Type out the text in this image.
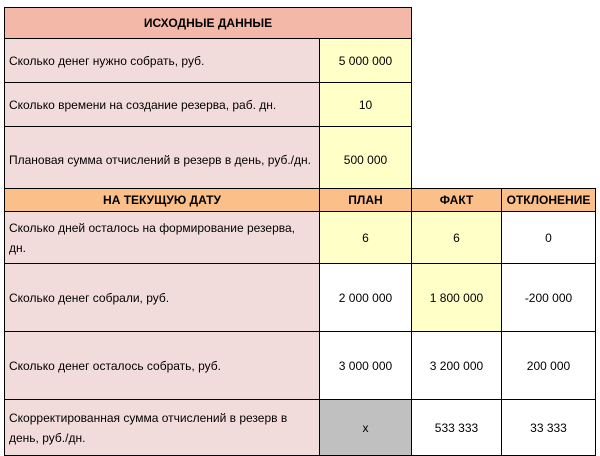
ИСХОДНЫЕ ДАННЫЕ	
Сколько денег нужно собрать, руб.	5 000 000
Сколько времени на создание резерва, раб. дн.	10
Плановая сумма отчислений в резерв в день, руб./дн.	500 000
НА ТЕКУЩУЮ ДАТУ	ПЛАН	ФАКТ	ОТКЛОНЕНИЕ
Сколько дней осталось на формирование резерва, дн.	6	6	0
Сколько денег собрали, руб.	2 000 000	1 800 000	-200 000
Сколько денег осталось собрать, руб.	3 000 000	3 200 000	200 000
Скорректированная сумма отчислений в резерв в день, руб./дн.	x	533 333	33 333
